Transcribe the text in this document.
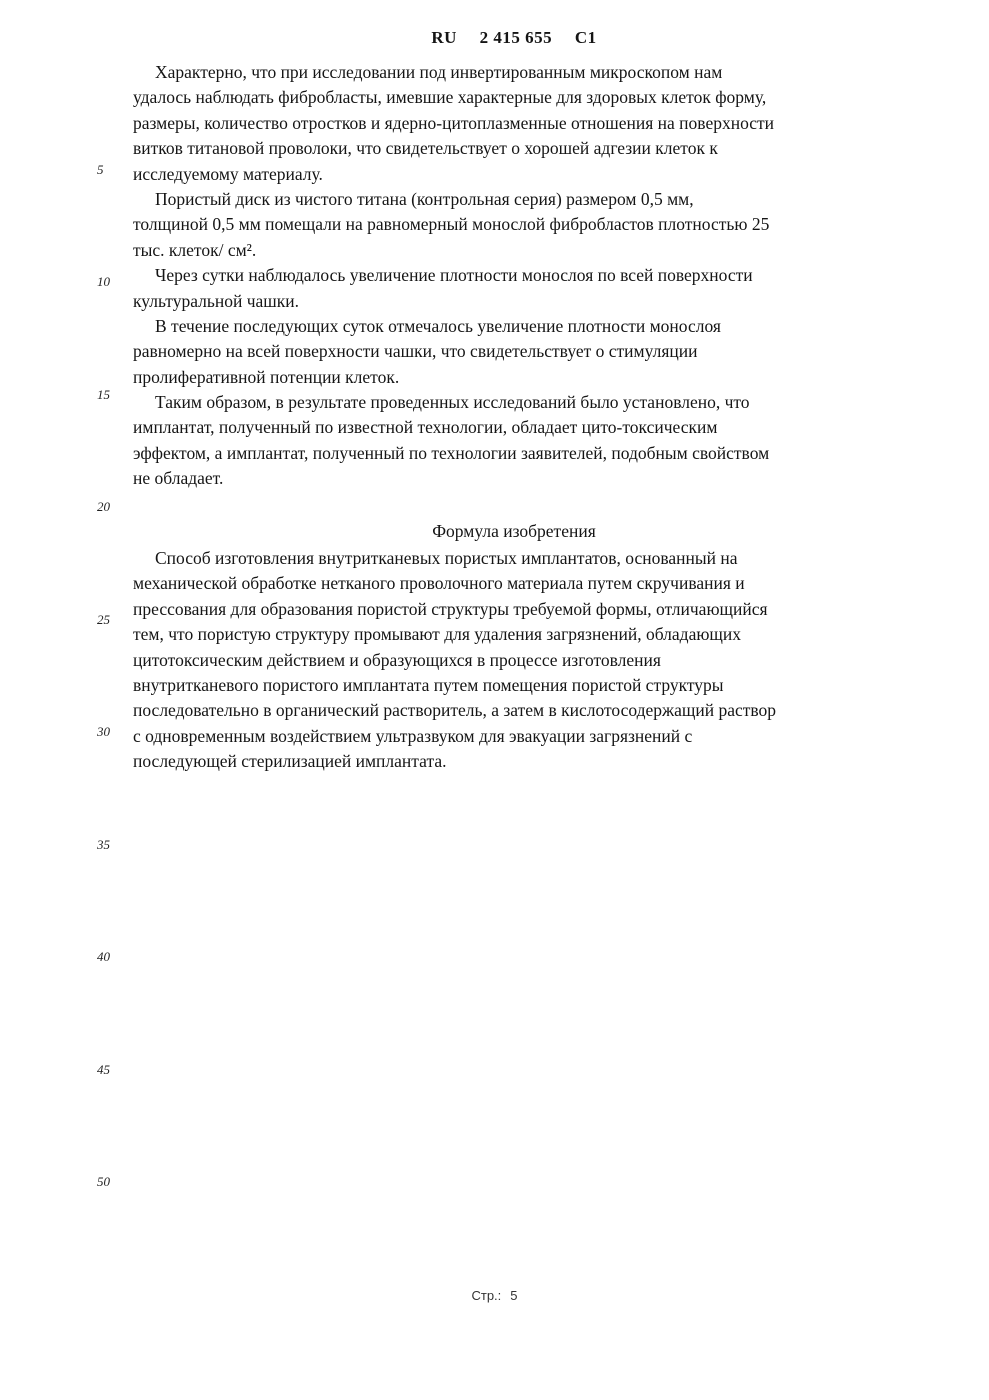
RU 2 415 655 C1
5
10
15
20
25
30
35
40
45
50
Характерно, что при исследовании под инвертированным микроскопом нам
удалось наблюдать фибробласты, имевшие характерные для здоровых клеток форму,
размеры, количество отростков и ядерно-цитоплазменные отношения на поверхности
витков титановой проволоки, что свидетельствует о хорошей адгезии клеток к
исследуемому материалу.
Пористый диск из чистого титана (контрольная серия) размером 0,5 мм,
толщиной 0,5 мм помещали на равномерный монослой фибробластов плотностью 25
тыс. клеток/ см².
Через сутки наблюдалось увеличение плотности монослоя по всей поверхности
культуральной чашки.
В течение последующих суток отмечалось увеличение плотности монослоя
равномерно на всей поверхности чашки, что свидетельствует о стимуляции
пролиферативной потенции клеток.
Таким образом, в результате проведенных исследований было установлено, что
имплантат, полученный по известной технологии, обладает цито-токсическим
эффектом, а имплантат, полученный по технологии заявителей, подобным свойством
не обладает.
Формула изобретения
Способ изготовления внутритканевых пористых имплантатов, основанный на
механической обработке нетканого проволочного материала путем скручивания и
прессования для образования пористой структуры требуемой формы, отличающийся
тем, что пористую структуру промывают для удаления загрязнений, обладающих
цитотоксическим действием и образующихся в процессе изготовления
внутритканевого пористого имплантата путем помещения пористой структуры
последовательно в органический растворитель, а затем в кислотосодержащий раствор
с одновременным воздействием ультразвуком для эвакуации загрязнений с
последующей стерилизацией имплантата.
Стр.: 5
